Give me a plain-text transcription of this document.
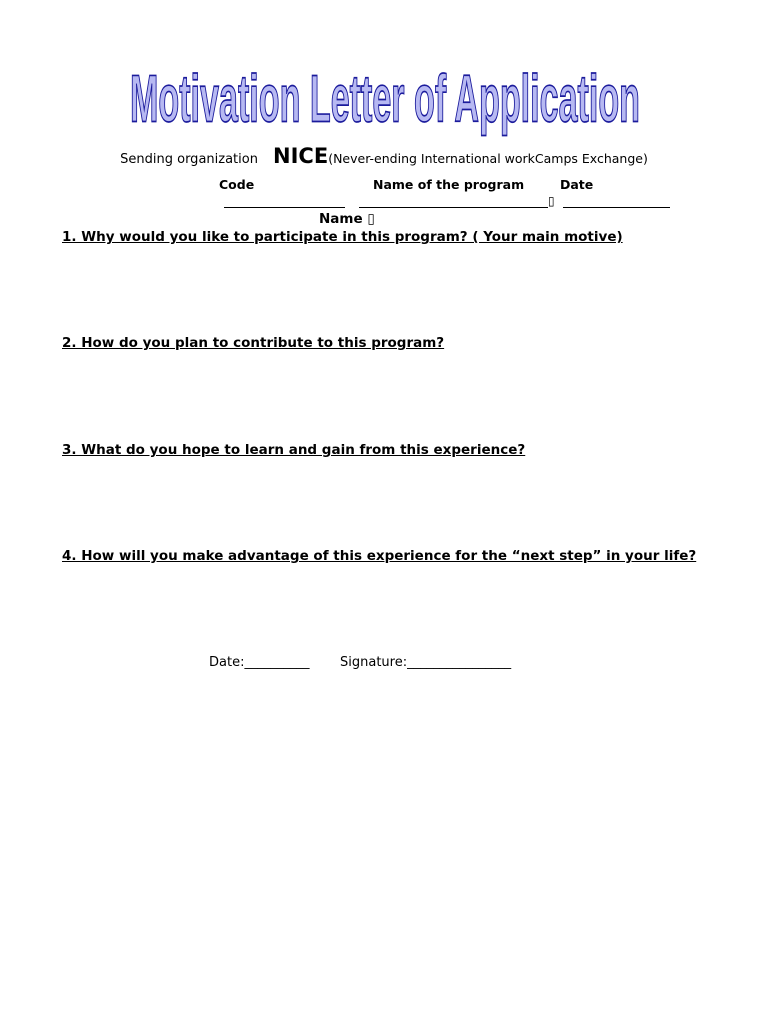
Motivation Letter of Application
Sending organization NICE(Never-ending International workCamps Exchange)
Code	Name of the program	Date
▯
Name ▯
1. Why would you like to participate in this program? ( Your main motive)
2. How do you plan to contribute to this program?
3. What do you hope to learn and gain from this experience?
4. How will you make advantage of this experience for the “next step” in your life?
Date:__________ Signature:________________
